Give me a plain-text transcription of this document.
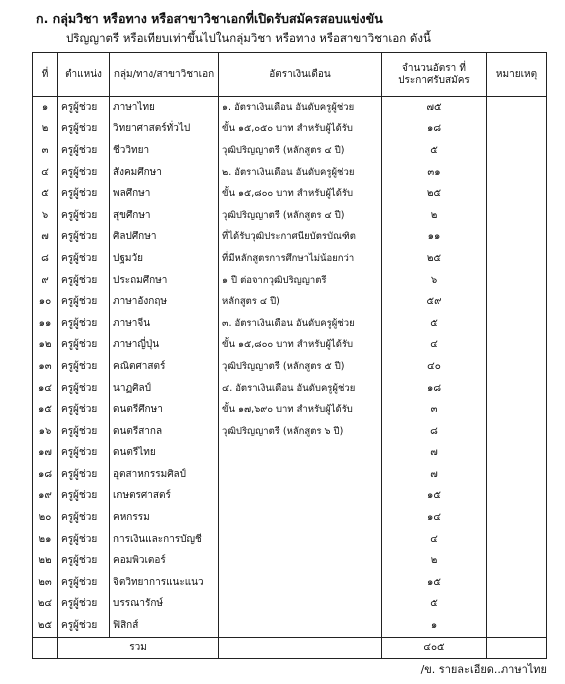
ก. กลุ่มวิชา หรือทาง หรือสาขาวิชาเอกที่เปิดรับสมัครสอบแข่งขัน
ปริญญาตรี หรือเทียบเท่าขึ้นไปในกลุ่มวิชา หรือทาง หรือสาขาวิชาเอก ดังนี้
ที่	ตำแหน่ง	กลุ่ม/ทาง/สาขาวิชาเอก	อัตราเงินเดือน	จำนวนอัตรา ที่ประกาศรับสมัคร	หมายเหตุ
๑	ครูผู้ช่วย	ภาษาไทย	๑. อัตราเงินเดือน อันดับครูผู้ช่วย	๗๕	
๒	ครูผู้ช่วย	วิทยาศาสตร์ทั่วไป	ขั้น ๑๕,๐๕๐ บาท สำหรับผู้ได้รับ	๑๘	
๓	ครูผู้ช่วย	ชีววิทยา	วุฒิปริญญาตรี (หลักสูตร ๔ ปี)	๕	
๔	ครูผู้ช่วย	สังคมศึกษา	๒. อัตราเงินเดือน อันดับครูผู้ช่วย	๓๑	
๕	ครูผู้ช่วย	พลศึกษา	ขั้น ๑๕,๘๐๐ บาท สำหรับผู้ได้รับ	๒๕	
๖	ครูผู้ช่วย	สุขศึกษา	วุฒิปริญญาตรี (หลักสูตร ๔ ปี)	๒	
๗	ครูผู้ช่วย	ศิลปศึกษา	ที่ได้รับวุฒิประกาศนียบัตรบัณฑิต	๑๑	
๘	ครูผู้ช่วย	ปฐมวัย	ที่มีหลักสูตรการศึกษาไม่น้อยกว่า	๒๕	
๙	ครูผู้ช่วย	ประถมศึกษา	๑ ปี ต่อจากวุฒิปริญญาตรี	๖	
๑๐	ครูผู้ช่วย	ภาษาอังกฤษ	หลักสูตร ๔ ปี)	๕๙	
๑๑	ครูผู้ช่วย	ภาษาจีน	๓. อัตราเงินเดือน อันดับครูผู้ช่วย	๕	
๑๒	ครูผู้ช่วย	ภาษาญี่ปุ่น	ขั้น ๑๕,๘๐๐ บาท สำหรับผู้ได้รับ	๔	
๑๓	ครูผู้ช่วย	คณิตศาสตร์	วุฒิปริญญาตรี (หลักสูตร ๕ ปี)	๔๐	
๑๔	ครูผู้ช่วย	นาฏศิลป์	๔. อัตราเงินเดือน อันดับครูผู้ช่วย	๑๘	
๑๕	ครูผู้ช่วย	ดนตรีศึกษา	ขั้น ๑๗,๖๙๐ บาท สำหรับผู้ได้รับ	๓	
๑๖	ครูผู้ช่วย	ดนตรีสากล	วุฒิปริญญาตรี (หลักสูตร ๖ ปี)	๘	
๑๗	ครูผู้ช่วย	ดนตรีไทย		๗	
๑๘	ครูผู้ช่วย	อุตสาหกรรมศิลป์		๗	
๑๙	ครูผู้ช่วย	เกษตรศาสตร์		๑๕	
๒๐	ครูผู้ช่วย	คหกรรม		๑๔	
๒๑	ครูผู้ช่วย	การเงินและการบัญชี		๔	
๒๒	ครูผู้ช่วย	คอมพิวเตอร์		๒	
๒๓	ครูผู้ช่วย	จิตวิทยาการแนะแนว		๑๕	
๒๔	ครูผู้ช่วย	บรรณารักษ์		๕	
๒๕	ครูผู้ช่วย	ฟิสิกส์		๑	
	รวม			๔๐๕	
/ข. รายละเอียด..ภาษาไทย
